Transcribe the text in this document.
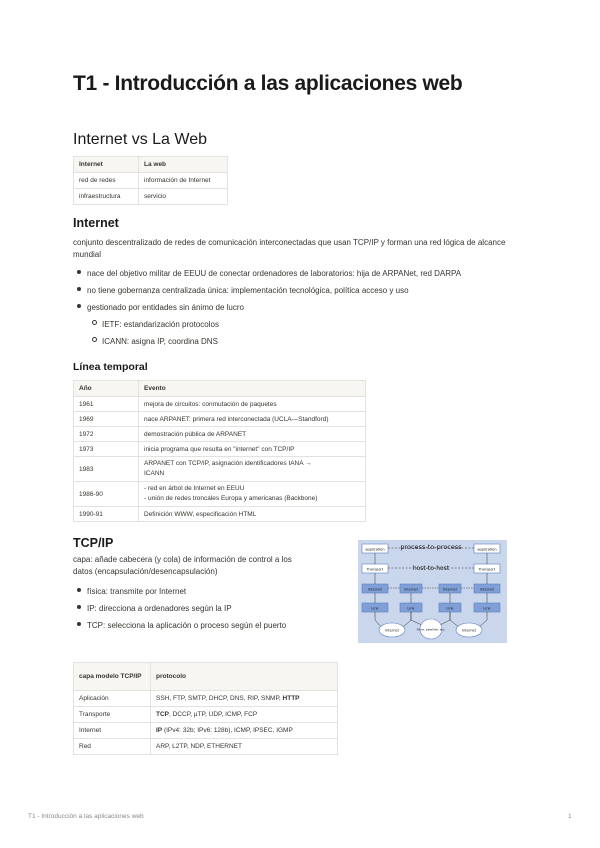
T1 - Introducción a las aplicaciones web
Internet vs La Web
Internet	La web
red de redes	información de Internet
infraestructura	servicio
Internet

conjunto descentralizado de redes de comunicación interconectadas que usan TCP/IP y forman una red lógica de alcance mundial

nace del objetivo militar de EEUU de conectar ordenadores de laboratorios: hija de ARPANet, red DARPA
no tiene gobernanza centralizada única: implementación tecnológica, política acceso y uso
gestionado por entidades sin ánimo de lucro
IETF: estandarización protocolos
ICANN: asigna IP, coordina DNS
Línea temporal
Año	Evento
1961	mejora de circuitos: conmutación de paquetes
1969	nace ARPANET: primera red interconectada (UCLA—Standford)
1972	demostración pública de ARPANET
1973	inicia programa que resulta en "internet" con TCP/IP
1983	ARPANET con TCP/IP, asignación identificadores IANA →
ICANN

1986-90	- red en árbol de Internet en EEUU
- unión de redes troncales Europa y americanas (Backbone)

1990-91	Definición WWW, especificación HTML
TCP/IP

capa: añade cabecera (y cola) de información de control a los
datos (encapsulación/desencapsulación)

física: transmite por Internet
IP: direcciona a ordenadores según la IP
TCP: selecciona la aplicación o proceso según el puerto
process-to-process
host-to-host
application
Transport
Internet
Link
application
Transport
Internet
Link
Internet
Link
Internet
Link
Internet	Fibre, satellite, etc.	Internet
capa modelo TCP/IP	protocolo
Aplicación	SSH, FTP, SMTP, DHCP, DNS, RIP, SNMP, HTTP
Transporte	TCP, DCCP, µTP, UDP, ICMP, FCP
Internet	IP (IPv4: 32b; IPv6: 128b), ICMP, IPSEC, IGMP
Red	ARP, L2TP, NDP, ETHERNET
T1 - Introducción a las aplicaciones web	1
